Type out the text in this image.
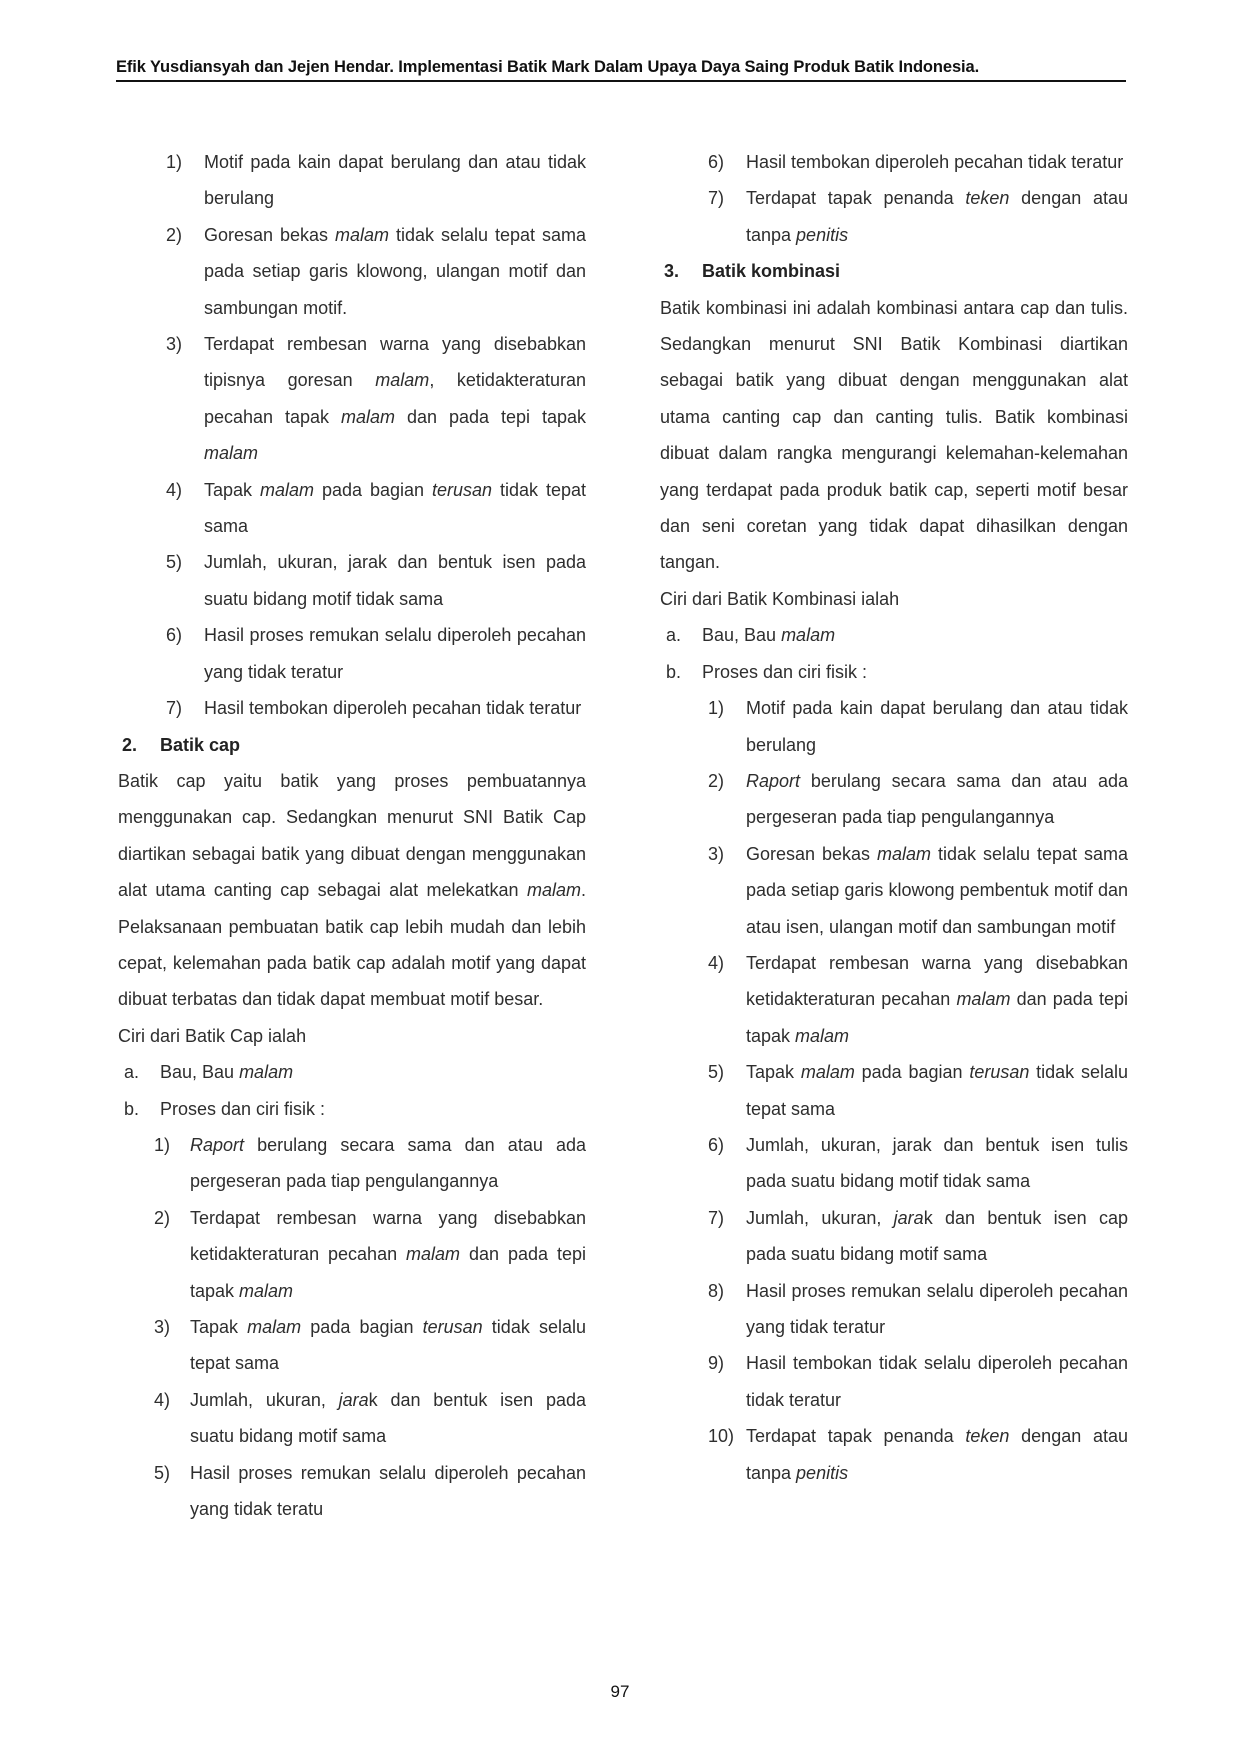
Efik Yusdiansyah dan Jejen Hendar. Implementasi Batik Mark Dalam Upaya Daya Saing Produk Batik Indonesia.
1) Motif pada kain dapat berulang dan atau tidak berulang
2) Goresan bekas malam tidak selalu tepat sama pada setiap garis klowong, ulangan motif dan sambungan motif.
3) Terdapat rembesan warna yang disebabkan tipisnya goresan malam, ketidakteraturan pecahan tapak malam dan pada tepi tapak malam
4) Tapak malam pada bagian terusan tidak tepat sama
5) Jumlah, ukuran, jarak dan bentuk isen pada suatu bidang motif tidak sama
6) Hasil proses remukan selalu diperoleh pecahan yang tidak teratur
7) Hasil tembokan diperoleh pecahan tidak teratur
2. Batik cap
Batik cap yaitu batik yang proses pembuatannya menggunakan cap. Sedangkan menurut SNI Batik Cap diartikan sebagai batik yang dibuat dengan menggunakan alat utama canting cap sebagai alat melekatkan malam. Pelaksanaan pembuatan batik cap lebih mudah dan lebih cepat, kelemahan pada batik cap adalah motif yang dapat dibuat terbatas dan tidak dapat membuat motif besar.
Ciri dari Batik Cap ialah
a. Bau, Bau malam
b. Proses dan ciri fisik :
1) Raport berulang secara sama dan atau ada pergeseran pada tiap pengulangannya
2) Terdapat rembesan warna yang disebabkan ketidakteraturan pecahan malam dan pada tepi tapak malam
3) Tapak malam pada bagian terusan tidak selalu tepat sama
4) Jumlah, ukuran, jarak dan bentuk isen pada suatu bidang motif sama
5) Hasil proses remukan selalu diperoleh pecahan yang tidak teratu
6) Hasil tembokan diperoleh pecahan tidak teratur
7) Terdapat tapak penanda teken dengan atau tanpa penitis
3. Batik kombinasi
Batik kombinasi ini adalah kombinasi antara cap dan tulis. Sedangkan menurut SNI Batik Kombinasi diartikan sebagai batik yang dibuat dengan menggunakan alat utama canting cap dan canting tulis. Batik kombinasi dibuat dalam rangka mengurangi kelemahan-kelemahan yang terdapat pada produk batik cap, seperti motif besar dan seni coretan yang tidak dapat dihasilkan dengan tangan.
Ciri dari Batik Kombinasi ialah
a. Bau, Bau malam
b. Proses dan ciri fisik :
1) Motif pada kain dapat berulang dan atau tidak berulang
2) Raport berulang secara sama dan atau ada pergeseran pada tiap pengulangannya
3) Goresan bekas malam tidak selalu tepat sama pada setiap garis klowong pembentuk motif dan atau isen, ulangan motif dan sambungan motif
4) Terdapat rembesan warna yang disebabkan ketidakteraturan pecahan malam dan pada tepi tapak malam
5) Tapak malam pada bagian terusan tidak selalu tepat sama
6) Jumlah, ukuran, jarak dan bentuk isen tulis pada suatu bidang motif tidak sama
7) Jumlah, ukuran, jarak dan bentuk isen cap pada suatu bidang motif sama
8) Hasil proses remukan selalu diperoleh pecahan yang tidak teratur
9) Hasil tembokan tidak selalu diperoleh pecahan tidak teratur
10) Terdapat tapak penanda teken dengan atau tanpa penitis
97
